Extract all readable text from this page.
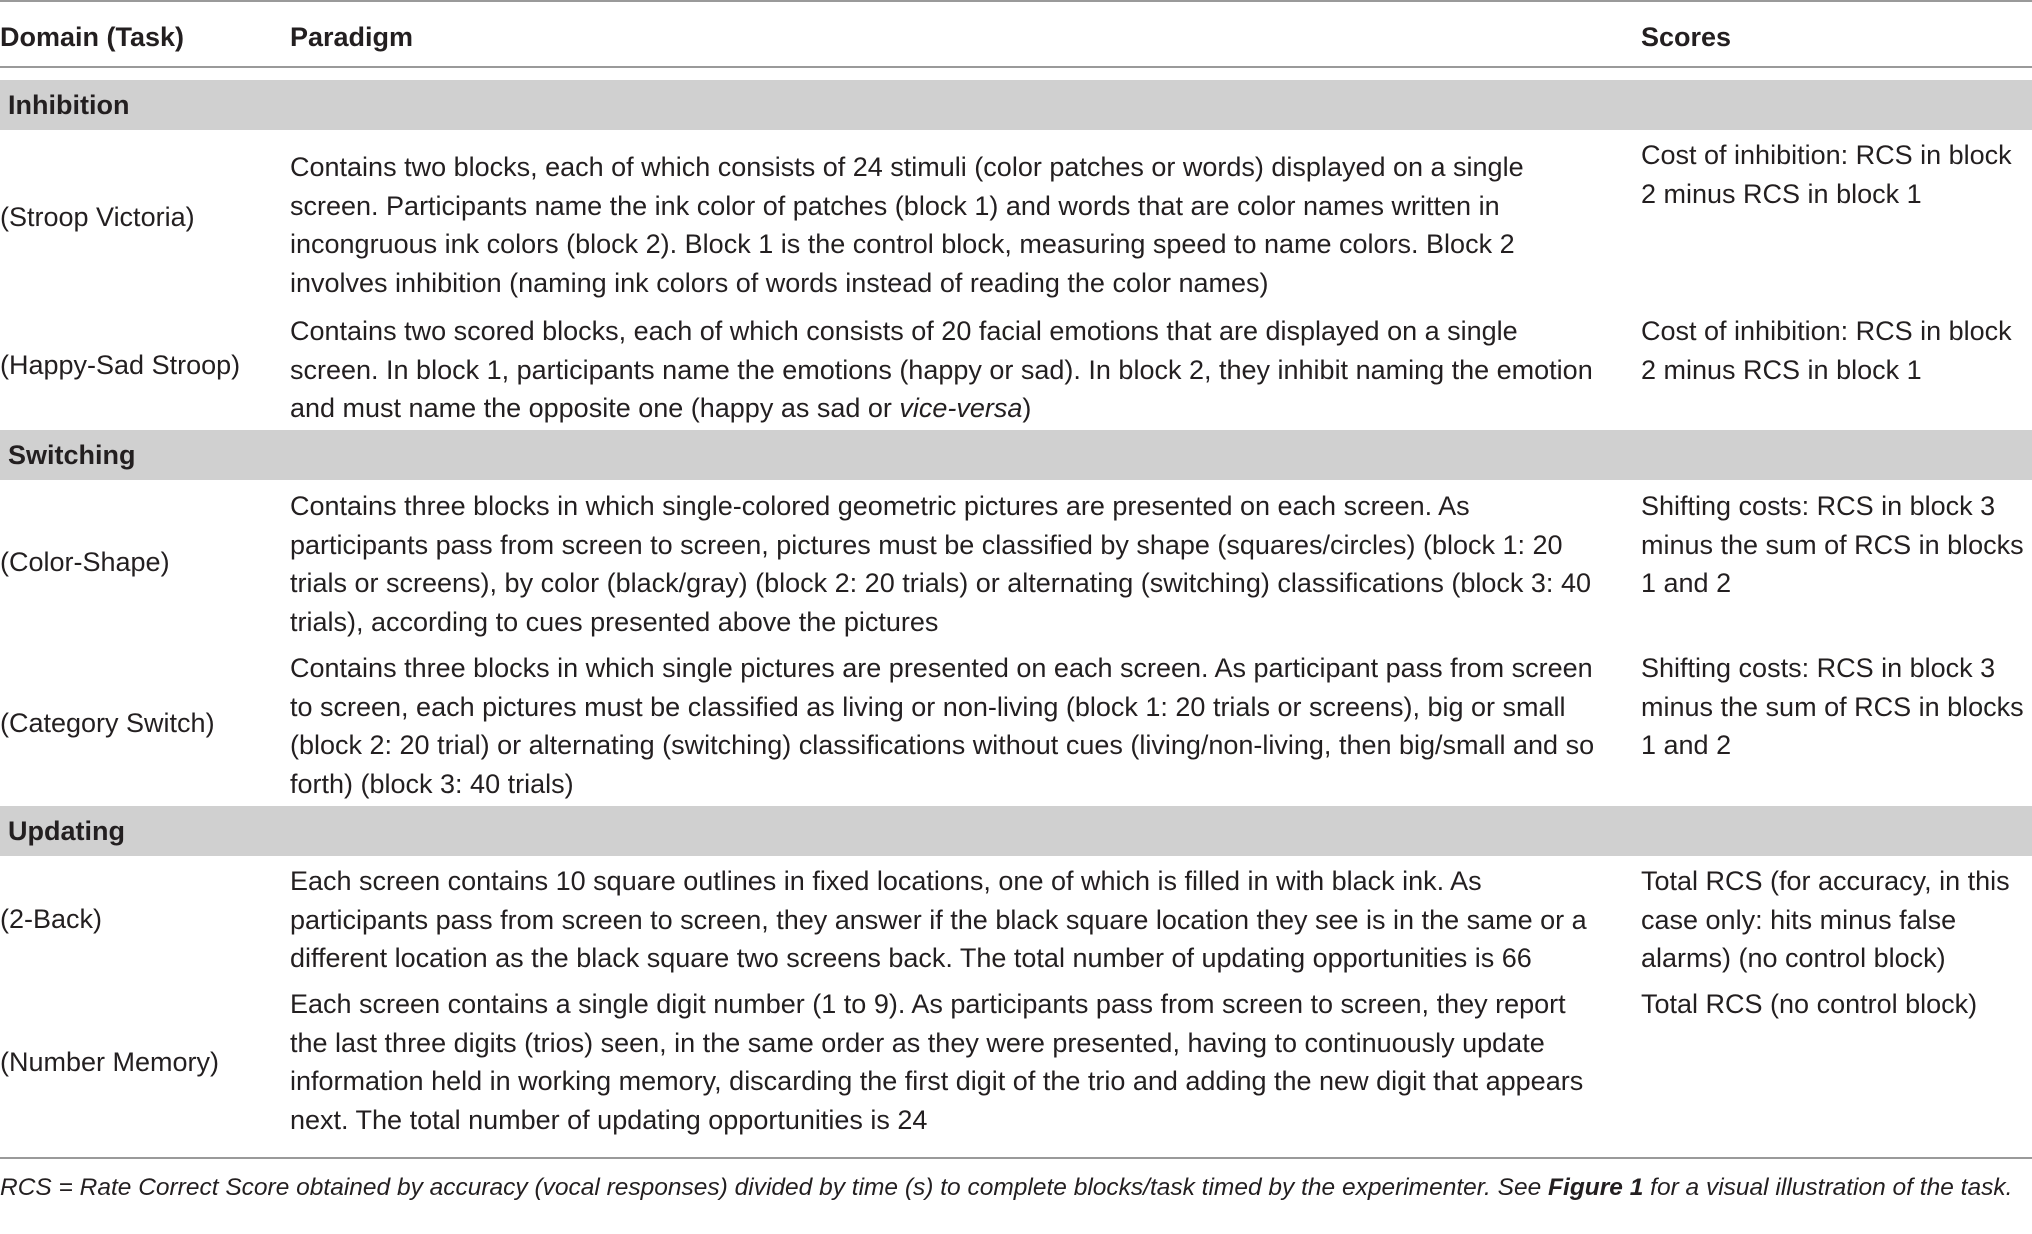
Domain (Task)	Paradigm	Scores
Inhibition
(Stroop Victoria)
Contains two blocks, each of which consists of 24 stimuli (color patches or words) displayed on a single screen. Participants name the ink color of patches (block 1) and words that are color names written in incongruous ink colors (block 2). Block 1 is the control block, measuring speed to name colors. Block 2 involves inhibition (naming ink colors of words instead of reading the color names)
Cost of inhibition: RCS in block 2 minus RCS in block 1
(Happy-Sad Stroop)
Contains two scored blocks, each of which consists of 20 facial emotions that are displayed on a single screen. In block 1, participants name the emotions (happy or sad). In block 2, they inhibit naming the emotion and must name the opposite one (happy as sad or vice-versa)
Cost of inhibition: RCS in block 2 minus RCS in block 1
Switching
(Color-Shape)
Contains three blocks in which single-colored geometric pictures are presented on each screen. As participants pass from screen to screen, pictures must be classified by shape (squares/circles) (block 1: 20 trials or screens), by color (black/gray) (block 2: 20 trials) or alternating (switching) classifications (block 3: 40 trials), according to cues presented above the pictures
Shifting costs: RCS in block 3 minus the sum of RCS in blocks 1 and 2
(Category Switch)
Contains three blocks in which single pictures are presented on each screen. As participant pass from screen to screen, each pictures must be classified as living or non-living (block 1: 20 trials or screens), big or small (block 2: 20 trial) or alternating (switching) classifications without cues (living/non-living, then big/small and so forth) (block 3: 40 trials)
Shifting costs: RCS in block 3 minus the sum of RCS in blocks 1 and 2
Updating
(2-Back)
Each screen contains 10 square outlines in fixed locations, one of which is filled in with black ink. As participants pass from screen to screen, they answer if the black square location they see is in the same or a different location as the black square two screens back. The total number of updating opportunities is 66
Total RCS (for accuracy, in this case only: hits minus false alarms) (no control block)
(Number Memory)
Each screen contains a single digit number (1 to 9). As participants pass from screen to screen, they report the last three digits (trios) seen, in the same order as they were presented, having to continuously update information held in working memory, discarding the first digit of the trio and adding the new digit that appears next. The total number of updating opportunities is 24
Total RCS (no control block)
RCS = Rate Correct Score obtained by accuracy (vocal responses) divided by time (s) to complete blocks/task timed by the experimenter. See Figure 1 for a visual illustration of the task.
